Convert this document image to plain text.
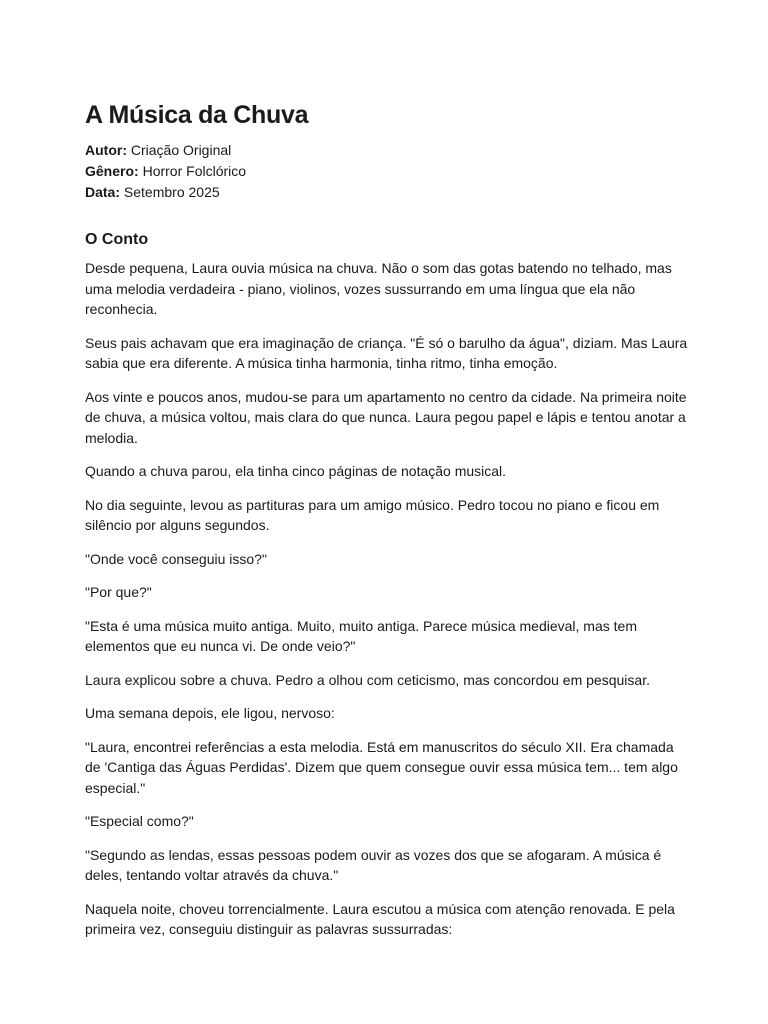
A Música da Chuva
Autor: Criação Original
Gênero: Horror Folclórico
Data: Setembro 2025
O Conto

Desde pequena, Laura ouvia música na chuva. Não o som das gotas batendo no telhado, mas uma melodia verdadeira - piano, violinos, vozes sussurrando em uma língua que ela não reconhecia.

Seus pais achavam que era imaginação de criança. "É só o barulho da água", diziam. Mas Laura sabia que era diferente. A música tinha harmonia, tinha ritmo, tinha emoção.

Aos vinte e poucos anos, mudou-se para um apartamento no centro da cidade. Na primeira noite de chuva, a música voltou, mais clara do que nunca. Laura pegou papel e lápis e tentou anotar a melodia.

Quando a chuva parou, ela tinha cinco páginas de notação musical.

No dia seguinte, levou as partituras para um amigo músico. Pedro tocou no piano e ficou em silêncio por alguns segundos.

"Onde você conseguiu isso?"

"Por que?"

"Esta é uma música muito antiga. Muito, muito antiga. Parece música medieval, mas tem elementos que eu nunca vi. De onde veio?"

Laura explicou sobre a chuva. Pedro a olhou com ceticismo, mas concordou em pesquisar.

Uma semana depois, ele ligou, nervoso:

"Laura, encontrei referências a esta melodia. Está em manuscritos do século XII. Era chamada de 'Cantiga das Águas Perdidas'. Dizem que quem consegue ouvir essa música tem... tem algo especial."

"Especial como?"

"Segundo as lendas, essas pessoas podem ouvir as vozes dos que se afogaram. A música é deles, tentando voltar através da chuva."

Naquela noite, choveu torrencialmente. Laura escutou a música com atenção renovada. E pela primeira vez, conseguiu distinguir as palavras sussurradas:
